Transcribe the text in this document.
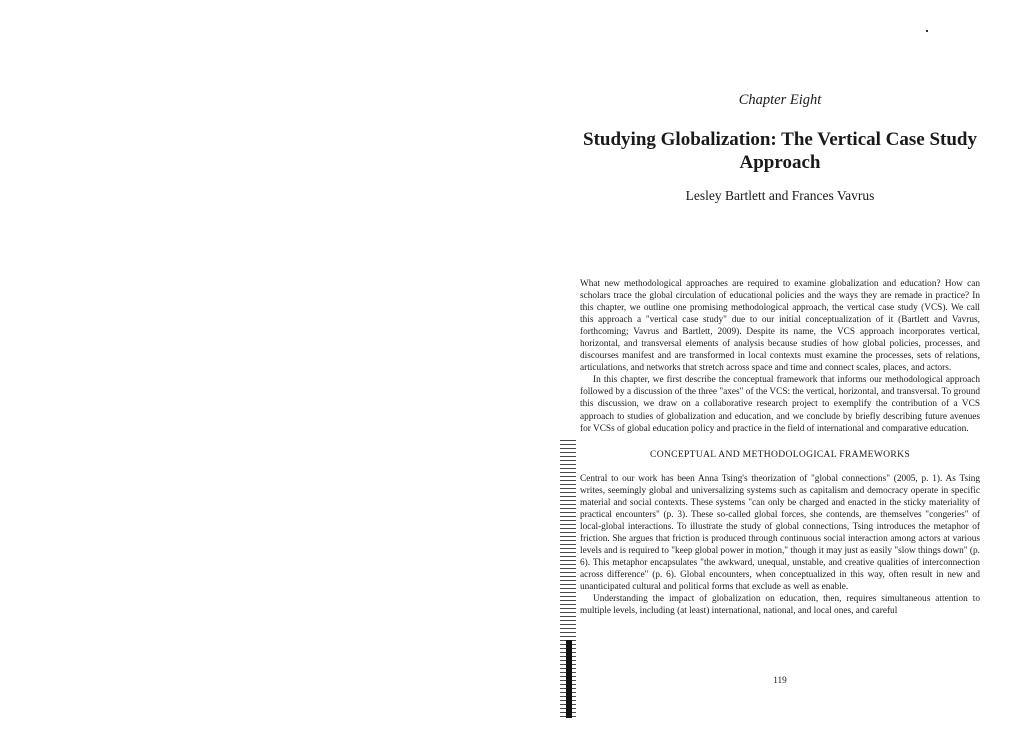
Chapter Eight
Studying Globalization: The Vertical Case Study Approach
Lesley Bartlett and Frances Vavrus

What new methodological approaches are required to examine globalization and education? How can scholars trace the global circulation of educational policies and the ways they are remade in practice? In this chapter, we outline one promising methodological approach, the vertical case study (VCS). We call this approach a "vertical case study" due to our initial conceptualization of it (Bartlett and Vavrus, forthcoming; Vavrus and Bartlett, 2009). Despite its name, the VCS approach incorporates vertical, horizontal, and transversal elements of analysis because studies of how global policies, processes, and discourses manifest and are transformed in local contexts must examine the processes, sets of relations, articulations, and networks that stretch across space and time and connect scales, places, and actors.

In this chapter, we first describe the conceptual framework that informs our methodological approach followed by a discussion of the three "axes" of the VCS: the vertical, horizontal, and transversal. To ground this discussion, we draw on a collaborative research project to exemplify the contribution of a VCS approach to studies of globalization and education, and we conclude by briefly describing future avenues for VCSs of global education policy and practice in the field of international and comparative education.

CONCEPTUAL AND METHODOLOGICAL FRAMEWORKS

Central to our work has been Anna Tsing's theorization of "global connections" (2005, p. 1). As Tsing writes, seemingly global and universalizing systems such as capitalism and democracy operate in specific material and social contexts. These systems "can only be charged and enacted in the sticky materiality of practical encounters" (p. 3). These so-called global forces, she contends, are themselves "congeries" of local-global interactions. To illustrate the study of global connections, Tsing introduces the metaphor of friction. She argues that friction is produced through continuous social interaction among actors at various levels and is required to "keep global power in motion," though it may just as easily "slow things down" (p. 6). This metaphor encapsulates "the awkward, unequal, unstable, and creative qualities of interconnection across difference" (p. 6). Global encounters, when conceptualized in this way, often result in new and unanticipated cultural and political forms that exclude as well as enable.

Understanding the impact of globalization on education, then, requires simultaneous attention to multiple levels, including (at least) international, national, and local ones, and careful

119
